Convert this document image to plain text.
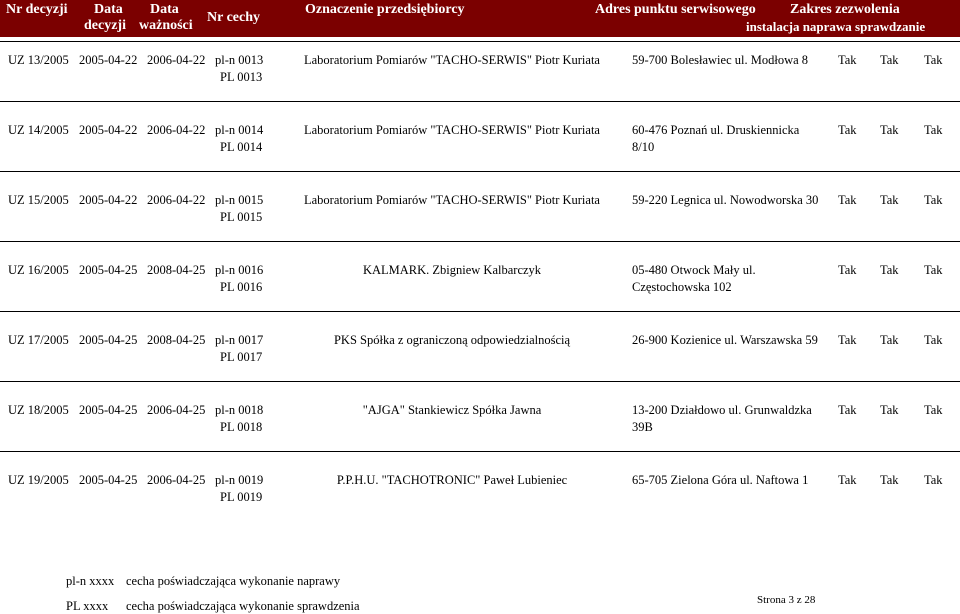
Nr decyzji Data
decyzji
Data
ważności
Nr cechy
Oznaczenie przedsiębiorcy	Adres punktu serwisowego Zakres zezwolenia
instalacja naprawa sprawdzanie
UZ 13/2005 2005-04-22 2006-04-22 pl-n 0013
PL 0013
59-700 Bolesławiec ul. Modłowa 8 Tak Tak Tak
Laboratorium Pomiarów "TACHO-SERWIS" Piotr Kuriata
UZ 14/2005 2005-04-22 2006-04-22 pl-n 0014
PL 0014
60-476 Poznań ul. Druskiennicka
8/10
Tak Tak Tak
Laboratorium Pomiarów "TACHO-SERWIS" Piotr Kuriata
UZ 15/2005 2005-04-22 2006-04-22 pl-n 0015
PL 0015
59-220 Legnica ul. Nowodworska 30 Tak Tak Tak
Laboratorium Pomiarów "TACHO-SERWIS" Piotr Kuriata
UZ 16/2005 2005-04-25 2008-04-25 pl-n 0016
PL 0016
05-480 Otwock Mały ul.
Częstochowska 102
Tak Tak Tak
KALMARK. Zbigniew Kalbarczyk
UZ 17/2005 2005-04-25 2008-04-25 pl-n 0017
PL 0017
26-900 Kozienice ul. Warszawska 59 Tak Tak Tak
PKS Spółka z ograniczoną odpowiedzialnością
UZ 18/2005 2005-04-25 2006-04-25 pl-n 0018
PL 0018
13-200 Działdowo ul. Grunwaldzka
39B
Tak Tak Tak
"AJGA" Stankiewicz Spółka Jawna
UZ 19/2005 2005-04-25 2006-04-25 pl-n 0019
PL 0019
65-705 Zielona Góra ul. Naftowa 1 Tak Tak Tak
P.P.H.U. "TACHOTRONIC" Paweł Lubieniec
pl-n xxxx cecha poświadczająca wykonanie naprawy
PL xxxx cecha poświadczająca wykonanie sprawdzenia	Strona 3 z 28
